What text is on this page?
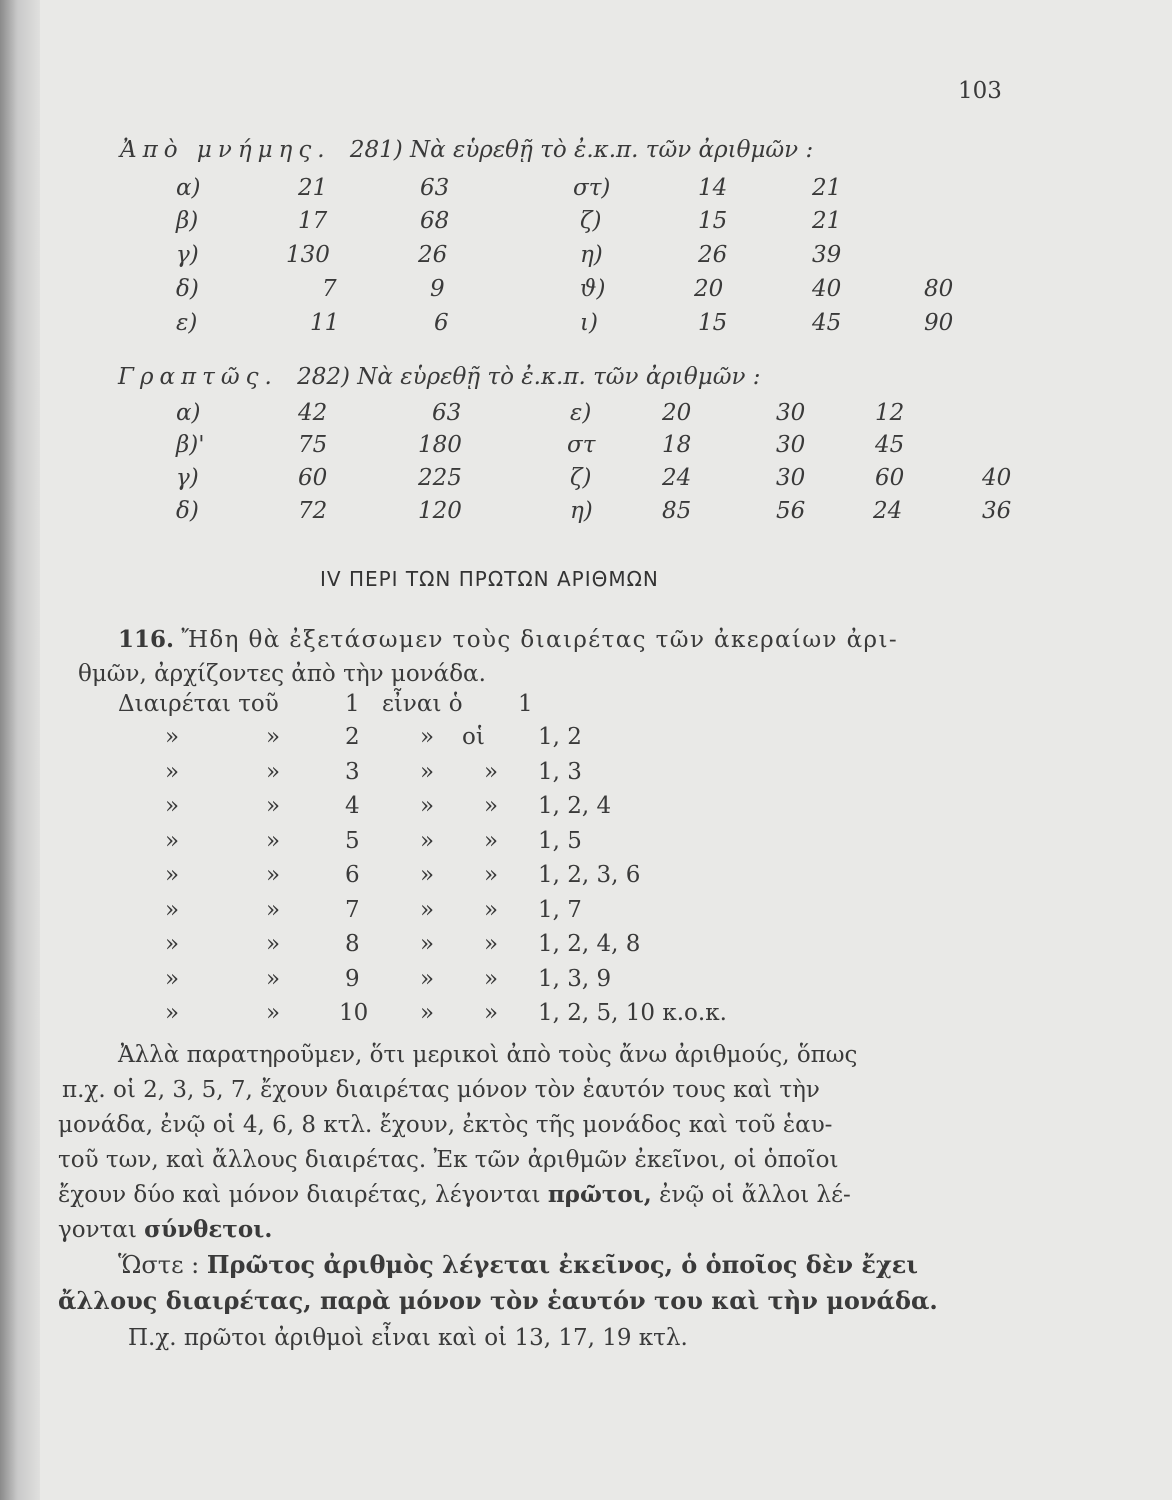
103
Ἀπὸ μνήμης. 281) Νὰ εὑρεθῇ τὸ ἐ.κ.π. τῶν ἀριθμῶν :
α)	21	63
β)	17	68
γ)	130	26
δ)	7	9
ε)	11	6
στ)	14	21
ζ)	15	21
η)	26	39
ϑ)	20	40	80
ι)	15	45	90
Γραπτῶς. 282) Νὰ εὑρεθῇ τὸ ἐ.κ.π. τῶν ἀριθμῶν :
α)	42	63
β)'	75	180
γ)	60	225
δ)	72	120
ε)	20	30	12
στ	18	30	45
ζ)	24	30	60	40
η)	85	56	24	36
IV ΠΕΡΙ ΤΩΝ ΠΡΩΤΩΝ ΑΡΙΘΜΩΝ
116. Ἤδη θὰ ἐξετάσωμεν τοὺς διαιρέτας τῶν ἀκεραίων ἀρι-
θμῶν, ἀρχίζοντες ἀπὸ τὴν μονάδα.
Διαιρέται τοῦ	1 εἶναι ὁ 1
»	»	2	» οἱ 1, 2
»	»	3	» » 1, 3
»	»	4	» » 1, 2, 4
»	»	5	» » 1, 5
»	»	6	» » 1, 2, 3, 6
»	»	7	» » 1, 7
»	»	8	» » 1, 2, 4, 8
»	»	9	» » 1, 3, 9
»	»	10 » » 1, 2, 5, 10 κ.ο.κ.
Ἀλλὰ παρατηροῦμεν, ὅτι μερικοὶ ἀπὸ τοὺς ἄνω ἀριθμούς, ὅπως
π.χ. οἱ 2, 3, 5, 7, ἔχουν διαιρέτας μόνον τὸν ἑαυτόν τους καὶ τὴν
μονάδα, ἐνῷ οἱ 4, 6, 8 κτλ. ἔχουν, ἐκτὸς τῆς μονάδος καὶ τοῦ ἑαυ-
τοῦ των, καὶ ἄλλους διαιρέτας. Ἐκ τῶν ἀριθμῶν ἐκεῖνοι, οἱ ὁποῖοι
ἔχουν δύο καὶ μόνον διαιρέτας, λέγονται πρῶτοι, ἐνῷ οἱ ἄλλοι λέ-
γονται σύνθετοι.
Ὥστε : Πρῶτος ἀριθμὸς λέγεται ἐκεῖνος, ὁ ὁποῖος δὲν ἔχει
ἄλλους διαιρέτας, παρὰ μόνον τὸν ἑαυτόν του καὶ τὴν μονάδα.
Π.χ. πρῶτοι ἀριθμοὶ εἶναι καὶ οἱ 13, 17, 19 κτλ.
